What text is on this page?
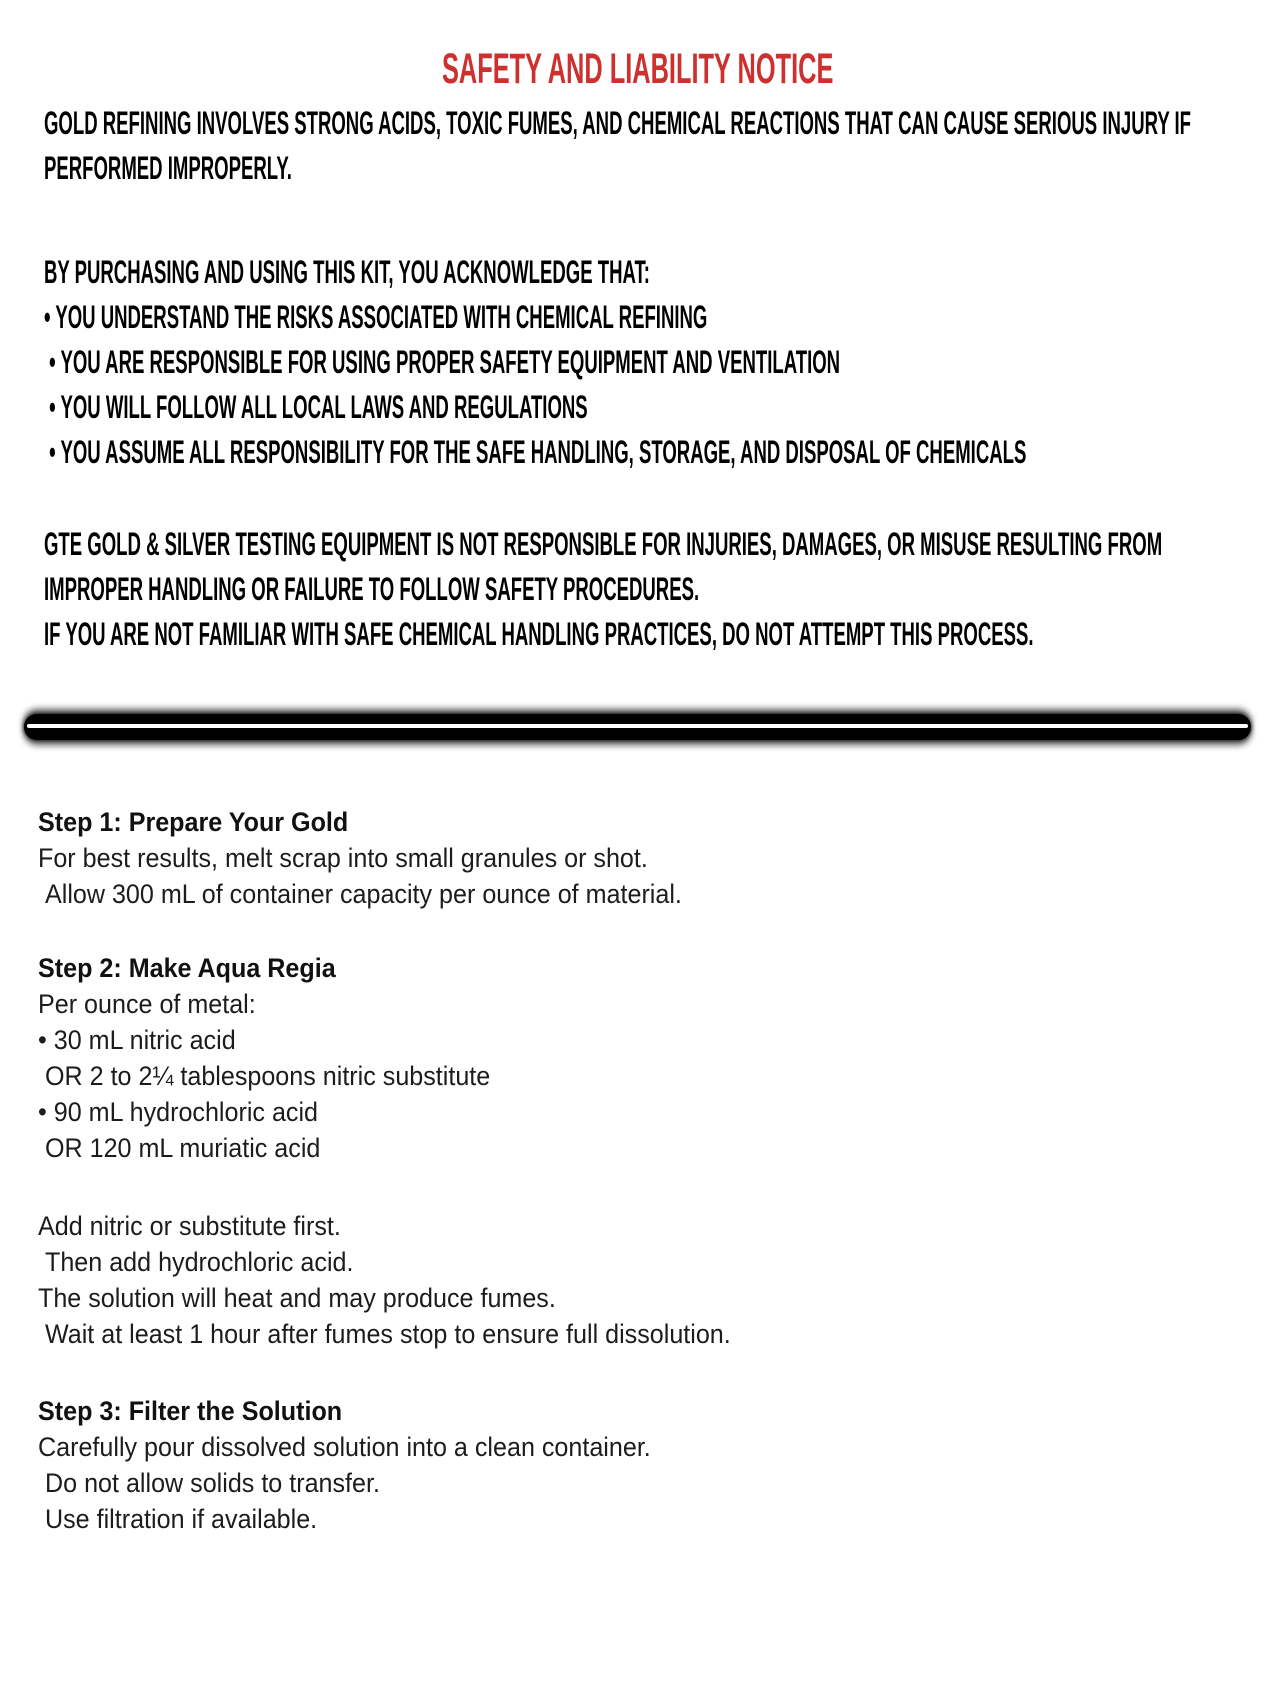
SAFETY AND LIABILITY NOTICE

GOLD REFINING INVOLVES STRONG ACIDS, TOXIC FUMES, AND CHEMICAL REACTIONS THAT CAN CAUSE SERIOUS INJURY IF
PERFORMED IMPROPERLY.

BY PURCHASING AND USING THIS KIT, YOU ACKNOWLEDGE THAT:
• YOU UNDERSTAND THE RISKS ASSOCIATED WITH CHEMICAL REFINING
• YOU ARE RESPONSIBLE FOR USING PROPER SAFETY EQUIPMENT AND VENTILATION
• YOU WILL FOLLOW ALL LOCAL LAWS AND REGULATIONS
• YOU ASSUME ALL RESPONSIBILITY FOR THE SAFE HANDLING, STORAGE, AND DISPOSAL OF CHEMICALS

GTE GOLD & SILVER TESTING EQUIPMENT IS NOT RESPONSIBLE FOR INJURIES, DAMAGES, OR MISUSE RESULTING FROM
IMPROPER HANDLING OR FAILURE TO FOLLOW SAFETY PROCEDURES.
IF YOU ARE NOT FAMILIAR WITH SAFE CHEMICAL HANDLING PRACTICES, DO NOT ATTEMPT THIS PROCESS.

Step 1: Prepare Your Gold
For best results, melt scrap into small granules or shot.
Allow 300 mL of container capacity per ounce of material.
Step 2: Make Aqua Regia
Per ounce of metal:
• 30 mL nitric acid
OR 2 to 2¼ tablespoons nitric substitute
• 90 mL hydrochloric acid
OR 120 mL muriatic acid
Add nitric or substitute first.
Then add hydrochloric acid.
The solution will heat and may produce fumes.
Wait at least 1 hour after fumes stop to ensure full dissolution.
Step 3: Filter the Solution
Carefully pour dissolved solution into a clean container.
Do not allow solids to transfer.
Use filtration if available.
